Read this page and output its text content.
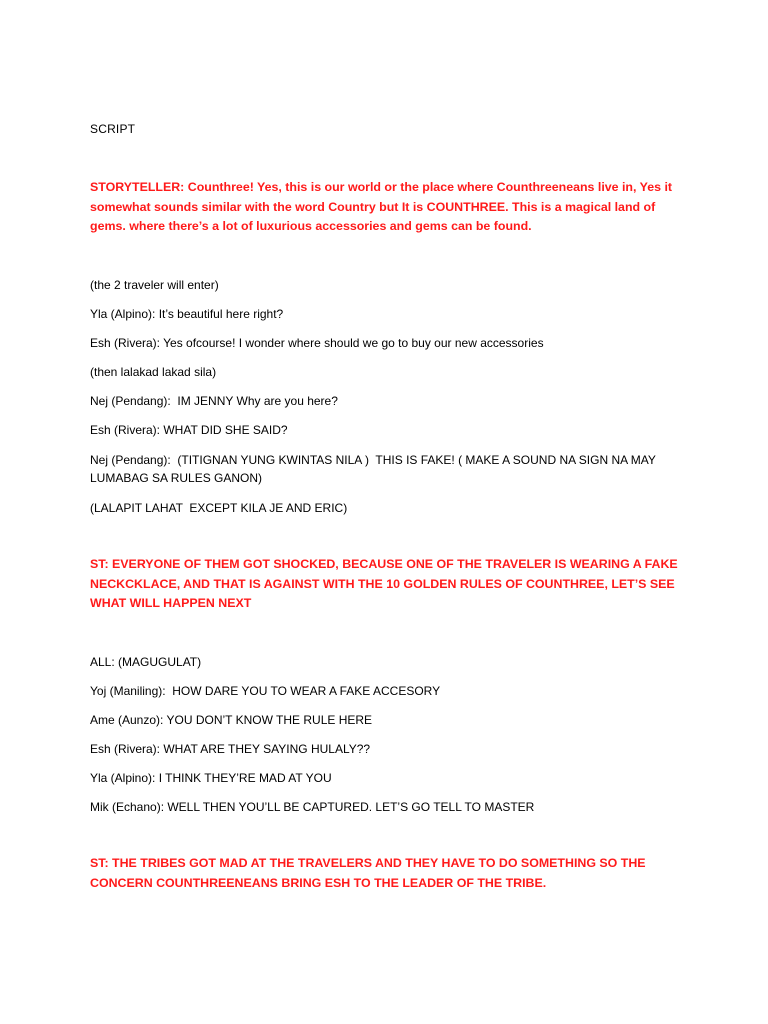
SCRIPT
STORYTELLER: Counthree! Yes, this is our world or the place where Counthreeneans live in, Yes it somewhat sounds similar with the word Country but It is COUNTHREE. This is a magical land of gems. where there’s a lot of luxurious accessories and gems can be found.
(the 2 traveler will enter)
Yla (Alpino): It’s beautiful here right?
Esh (Rivera): Yes ofcourse! I wonder where should we go to buy our new accessories
(then lalakad lakad sila)
Nej (Pendang):  IM JENNY Why are you here?
Esh (Rivera): WHAT DID SHE SAID?
Nej (Pendang):  (TITIGNAN YUNG KWINTAS NILA )  THIS IS FAKE! ( MAKE A SOUND NA SIGN NA MAY LUMABAG SA RULES GANON)
(LALAPIT LAHAT  EXCEPT KILA JE AND ERIC)
ST: EVERYONE OF THEM GOT SHOCKED, BECAUSE ONE OF THE TRAVELER IS WEARING A FAKE NECKCKLACE, AND THAT IS AGAINST WITH THE 10 GOLDEN RULES OF COUNTHREE, LET’S SEE WHAT WILL HAPPEN NEXT
ALL: (MAGUGULAT)
Yoj (Maniling):  HOW DARE YOU TO WEAR A FAKE ACCESORY
Ame (Aunzo): YOU DON’T KNOW THE RULE HERE
Esh (Rivera): WHAT ARE THEY SAYING HULALY??
Yla (Alpino): I THINK THEY’RE MAD AT YOU
Mik (Echano): WELL THEN YOU’LL BE CAPTURED. LET’S GO TELL TO MASTER
ST: THE TRIBES GOT MAD AT THE TRAVELERS AND THEY HAVE TO DO SOMETHING SO THE CONCERN COUNTHREENEANS BRING ESH TO THE LEADER OF THE TRIBE.
